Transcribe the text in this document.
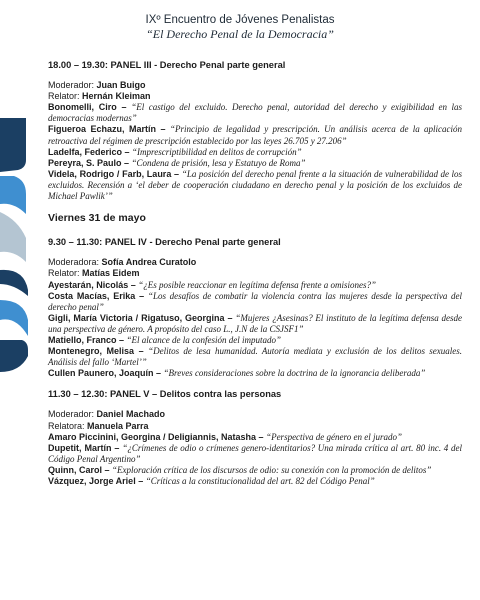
IXº Encuentro de Jóvenes Penalistas
“El Derecho Penal de la Democracia”
18.00 – 19.30: PANEL III - Derecho Penal parte general
Moderador: Juan Buigo
Relator: Hernán Kleiman
Bonomelli, Ciro – “El castigo del excluido. Derecho penal, autoridad del derecho y exigibilidad en las democracias modernas”
Figueroa Echazu, Martín – “Principio de legalidad y prescripción. Un análisis acerca de la aplicación retroactiva del régimen de prescripción establecido por las leyes 26.705 y 27.206”
Ladelfa, Federico – “Imprescriptibilidad en delitos de corrupción”
Pereyra, S. Paulo – “Condena de prisión, lesa y Estatuyo de Roma”
Videla, Rodrigo / Farb, Laura – “La posición del derecho penal frente a la situación de vulnerabilidad de los excluidos. Recensión a ‘el deber de cooperación ciudadano en derecho penal y la posición de los excluidos de Michael Pawlik’”
Viernes 31 de mayo
9.30 – 11.30: PANEL IV - Derecho Penal parte general
Moderadora: Sofía Andrea Curatolo
Relator: Matías Eidem
Ayestarán, Nicolás – “¿Es posible reaccionar en legítima defensa frente a omisiones?”
Costa Macías, Erika – “Los desafíos de combatir la violencia contra las mujeres desde la perspectiva del derecho penal”
Gigli, María Victoria / Rigatuso, Georgina – “Mujeres ¿Asesinas? El instituto de la legítima defensa desde una perspectiva de género. A propósito del caso L., J.N de la CSJSF1”
Matiello, Franco – “El alcance de la confesión del imputado”
Montenegro, Melisa – “Delitos de lesa humanidad. Autoría mediata y exclusión de los delitos sexuales. Análisis del fallo ‘Martel’”
Cullen Paunero, Joaquín – “Breves consideraciones sobre la doctrina de la ignorancia deliberada”
11.30 – 12.30: PANEL V – Delitos contra las personas
Moderador: Daniel Machado
Relatora: Manuela Parra
Amaro Piccinini, Georgina / Deligiannis, Natasha – “Perspectiva de género en el jurado”
Dupetit, Martín – “¿Crímenes de odio o crímenes genero-identitarios? Una mirada crítica al art. 80 inc. 4 del Código Penal Argentino”
Quinn, Carol – “Exploración crítica de los discursos de odio: su conexión con la promoción de delitos”
Vázquez, Jorge Ariel – “Críticas a la constitucionalidad del art. 82 del Código Penal”
